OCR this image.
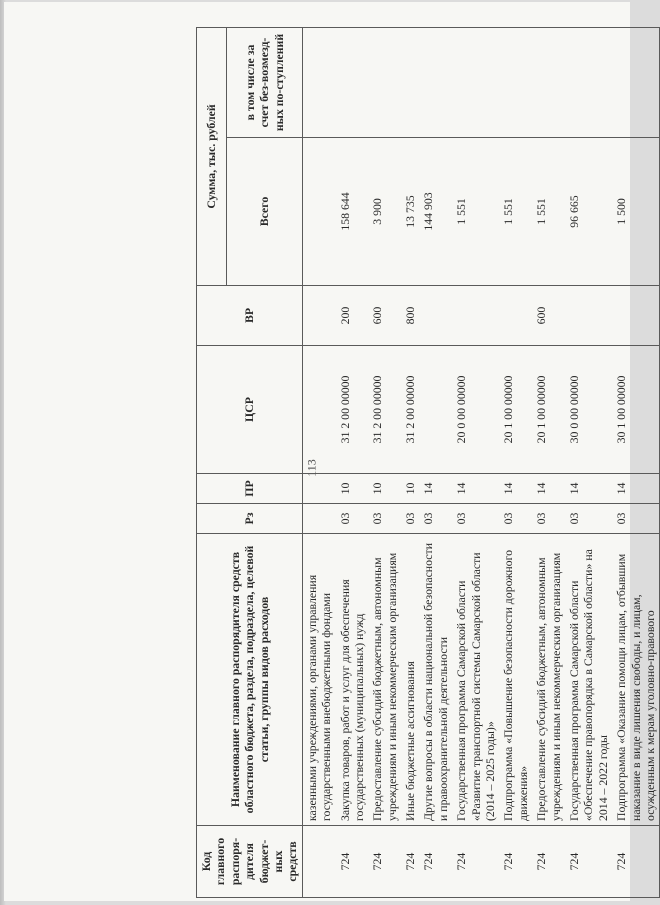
113
Код главного распоря-дителя бюджет-ных средств	Наименование главного распорядителя средств областного бюджета, раздела, подраздела, целевой статьи, группы видов расходов	Рз	ПР	ЦСР	ВР	Сумма, тыс. рублей	
						Всего	в том числе за счет без-возмезд-ных по-ступлений
	казенными учреждениями, органами управления государственными внебюджетными фондами						
724	Закупка товаров, работ и услуг для обеспечения государственных (муниципальных) нужд	03	10	31 2 00 00000	200	158 644	
724	Предоставление субсидий бюджетным, автономным учреждениям и иным некоммерческим организациям	03	10	31 2 00 00000	600	3 900	
724	Иные бюджетные ассигнования	03	10	31 2 00 00000	800	13 735	
724	Другие вопросы в области национальной безопасности и правоохранительной деятельности	03	14			144 903	
724	Государственная программа Самарской области «Развитие транспортной системы Самарской области (2014 – 2025 годы)»	03	14	20 0 00 00000		1 551	
724	Подпрограмма «Повышение безопасности дорожного движения»	03	14	20 1 00 00000		1 551	
724	Предоставление субсидий бюджетным, автономным учреждениям и иным некоммерческим организациям	03	14	20 1 00 00000	600	1 551	
724	Государственная программа Самарской области «Обеспечение правопорядка в Самарской области» на 2014 – 2022 годы	03	14	30 0 00 00000		96 665	
724	Подпрограмма «Оказание помощи лицам, отбывшим наказание в виде лишения свободы, и лицам, осужденным к мерам уголовно-правового	03	14	30 1 00 00000		1 500	
